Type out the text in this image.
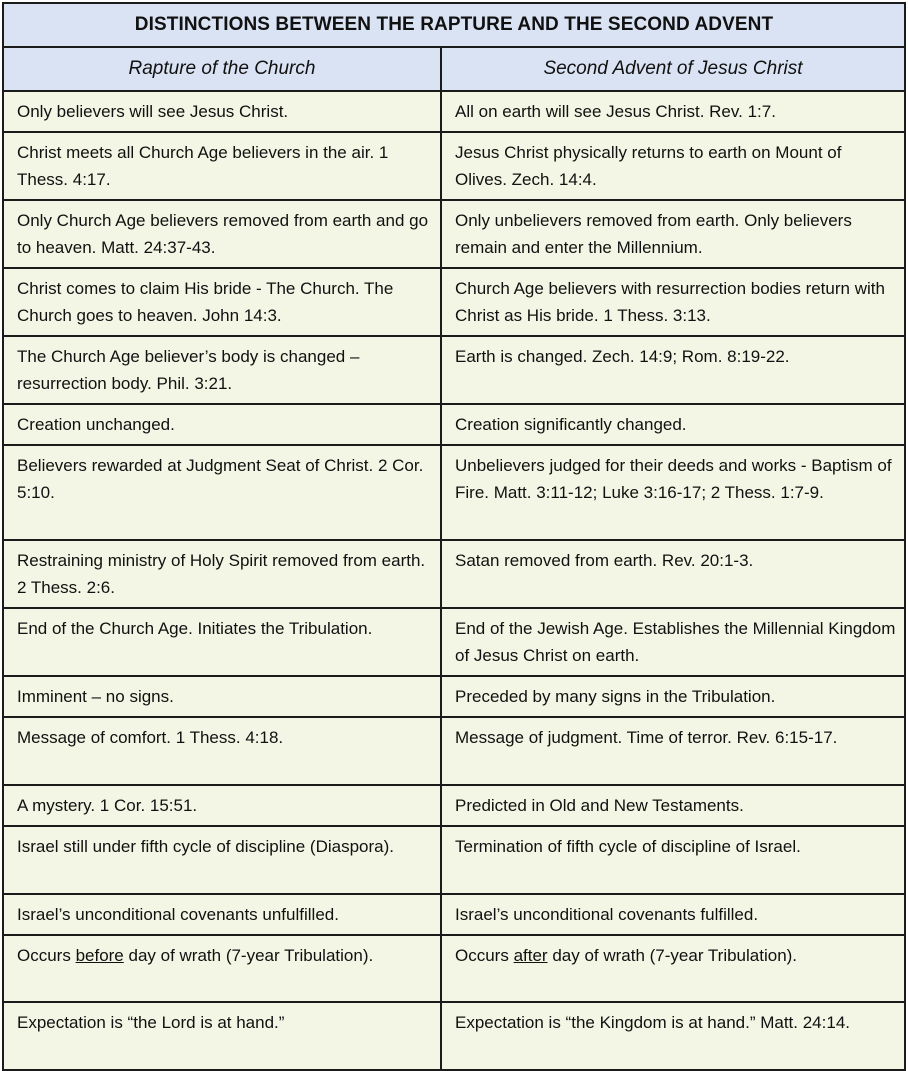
DISTINCTIONS BETWEEN THE RAPTURE AND THE SECOND ADVENT	
Rapture of the Church	Second Advent of Jesus Christ
Only believers will see Jesus Christ.	All on earth will see Jesus Christ. Rev. 1:7.
Christ meets all Church Age believers in the air. 1 Thess. 4:17.	Jesus Christ physically returns to earth on Mount of Olives. Zech. 14:4.
Only Church Age believers removed from earth and go to heaven. Matt. 24:37-43.	Only unbelievers removed from earth. Only believers remain and enter the Millennium.
Christ comes to claim His bride - The Church. The Church goes to heaven. John 14:3.	Church Age believers with resurrection bodies return with Christ as His bride. 1 Thess. 3:13.
The Church Age believer’s body is changed – resurrection body. Phil. 3:21.	Earth is changed. Zech. 14:9; Rom. 8:19-22.
Creation unchanged.	Creation significantly changed.
Believers rewarded at Judgment Seat of Christ. 2 Cor. 5:10.	Unbelievers judged for their deeds and works - Baptism of Fire. Matt. 3:11-12; Luke 3:16-17; 2 Thess. 1:7-9.
Restraining ministry of Holy Spirit removed from earth. 2 Thess. 2:6.	Satan removed from earth. Rev. 20:1-3.
End of the Church Age. Initiates the Tribulation.	End of the Jewish Age. Establishes the Millennial Kingdom of Jesus Christ on earth.
Imminent – no signs.	Preceded by many signs in the Tribulation.
Message of comfort. 1 Thess. 4:18.	Message of judgment. Time of terror. Rev. 6:15-17.
A mystery. 1 Cor. 15:51.	Predicted in Old and New Testaments.
Israel still under fifth cycle of discipline (Diaspora).	Termination of fifth cycle of discipline of Israel.
Israel’s unconditional covenants unfulfilled.	Israel’s unconditional covenants fulfilled.
Occurs before day of wrath (7-year Tribulation).	Occurs after day of wrath (7-year Tribulation).
Expectation is “the Lord is at hand.”	Expectation is “the Kingdom is at hand.” Matt. 24:14.
